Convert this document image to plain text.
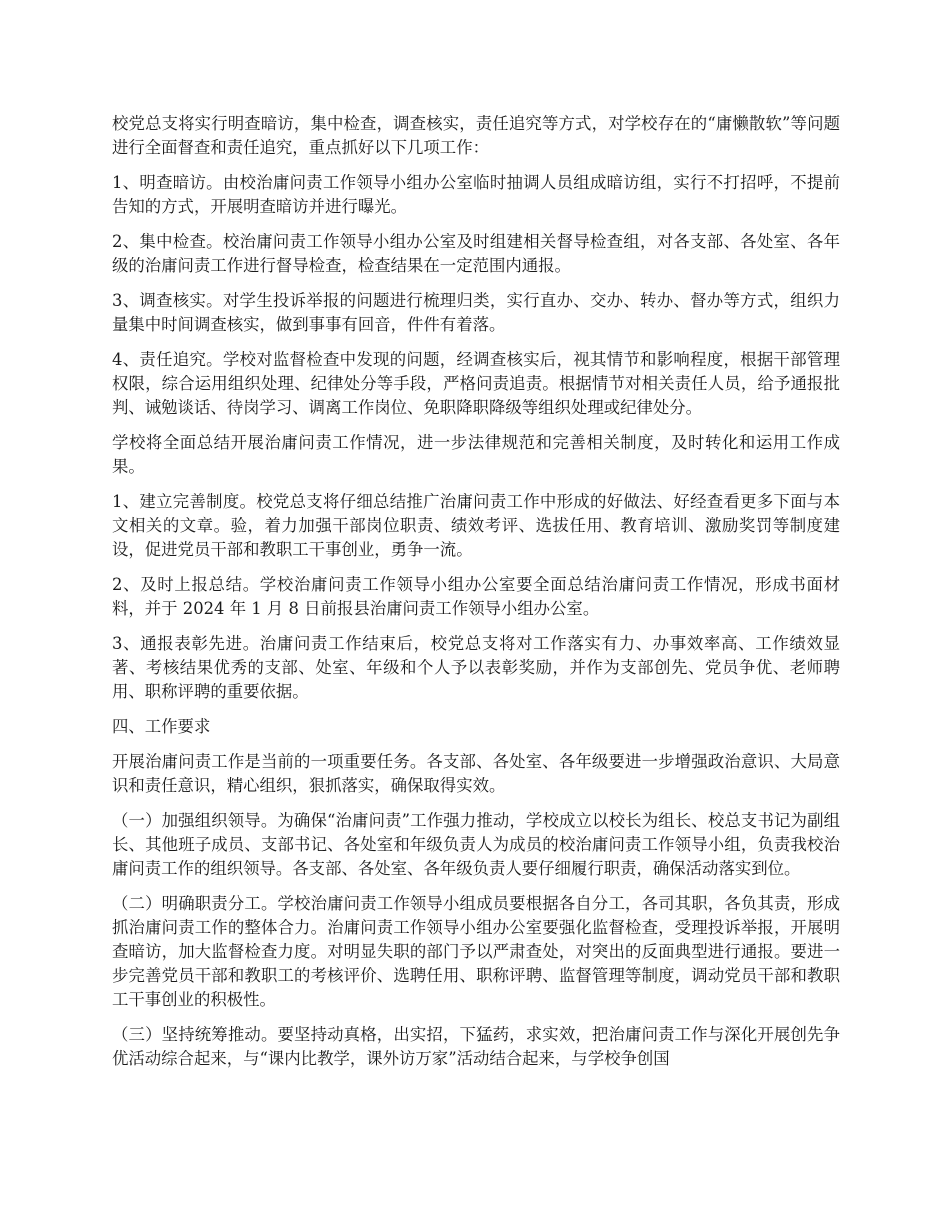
校党总支将实行明查暗访，集中检查，调查核实，责任追究等方式，对学校存在的“庸懒散软”等问题进行全面督查和责任追究，重点抓好以下几项工作：

1、明查暗访。由校治庸问责工作领导小组办公室临时抽调人员组成暗访组，实行不打招呼，不提前告知的方式，开展明查暗访并进行曝光。

2、集中检查。校治庸问责工作领导小组办公室及时组建相关督导检查组，对各支部、各处室、各年级的治庸问责工作进行督导检查，检查结果在一定范围内通报。

3、调查核实。对学生投诉举报的问题进行梳理归类，实行直办、交办、转办、督办等方式，组织力量集中时间调查核实，做到事事有回音，件件有着落。

4、责任追究。学校对监督检查中发现的问题，经调查核实后，视其情节和影响程度，根据干部管理权限，综合运用组织处理、纪律处分等手段，严格问责追责。根据情节对相关责任人员，给予通报批判、诫勉谈话、待岗学习、调离工作岗位、免职降职降级等组织处理或纪律处分。

学校将全面总结开展治庸问责工作情况，进一步法律规范和完善相关制度，及时转化和运用工作成果。

1、建立完善制度。校党总支将仔细总结推广治庸问责工作中形成的好做法、好经查看更多下面与本文相关的文章。验，着力加强干部岗位职责、绩效考评、选拔任用、教育培训、激励奖罚等制度建设，促进党员干部和教职工干事创业，勇争一流。

2、及时上报总结。学校治庸问责工作领导小组办公室要全面总结治庸问责工作情况，形成书面材料，并于 2024 年 1 月 8 日前报县治庸问责工作领导小组办公室。

3、通报表彰先进。治庸问责工作结束后，校党总支将对工作落实有力、办事效率高、工作绩效显著、考核结果优秀的支部、处室、年级和个人予以表彰奖励，并作为支部创先、党员争优、老师聘用、职称评聘的重要依据。

四、工作要求

开展治庸问责工作是当前的一项重要任务。各支部、各处室、各年级要进一步增强政治意识、大局意识和责任意识，精心组织，狠抓落实，确保取得实效。

（一）加强组织领导。为确保“治庸问责”工作强力推动，学校成立以校长为组长、校总支书记为副组长、其他班子成员、支部书记、各处室和年级负责人为成员的校治庸问责工作领导小组，负责我校治庸问责工作的组织领导。各支部、各处室、各年级负责人要仔细履行职责，确保活动落实到位。

（二）明确职责分工。学校治庸问责工作领导小组成员要根据各自分工，各司其职，各负其责，形成抓治庸问责工作的整体合力。治庸问责工作领导小组办公室要强化监督检查，受理投诉举报，开展明查暗访，加大监督检查力度。对明显失职的部门予以严肃查处，对突出的反面典型进行通报。要进一步完善党员干部和教职工的考核评价、选聘任用、职称评聘、监督管理等制度，调动党员干部和教职工干事创业的积极性。

（三）坚持统筹推动。要坚持动真格，出实招，下猛药，求实效，把治庸问责工作与深化开展创先争优活动综合起来，与“课内比教学，课外访万家”活动结合起来，与学校争创国
